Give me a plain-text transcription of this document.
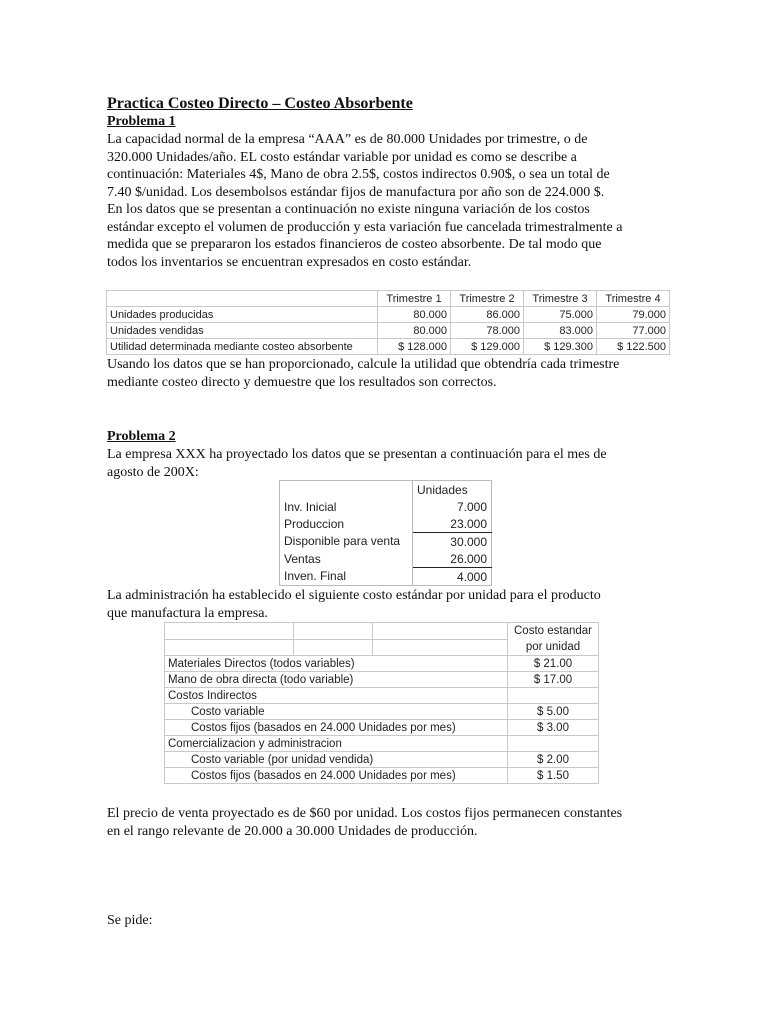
Practica Costeo Directo – Costeo Absorbente
Problema 1
La capacidad normal de la empresa “AAA” es de 80.000 Unidades por trimestre, o de
320.000 Unidades/año. EL costo estándar variable por unidad es como se describe a
continuación: Materiales 4$, Mano de obra 2.5$, costos indirectos 0.90$, o sea un total de
7.40 $/unidad. Los desembolsos estándar fijos de manufactura por año son de 224.000 $.
En los datos que se presentan a continuación no existe ninguna variación de los costos
estándar excepto el volumen de producción y esta variación fue cancelada trimestralmente a
medida que se prepararon los estados financieros de costeo absorbente. De tal modo que
todos los inventarios se encuentran expresados en costo estándar.
	Trimestre 1	Trimestre 2	Trimestre 3	Trimestre 4
Unidades producidas	80.000	86.000	75.000	79.000
Unidades vendidas	80.000	78.000	83.000	77.000
Utilidad determinada mediante costeo absorbente	$ 128.000	$ 129.000	$ 129.300	$ 122.500
Usando los datos que se han proporcionado, calcule la utilidad que obtendría cada trimestre
mediante costeo directo y demuestre que los resultados son correctos.
Problema 2
La empresa XXX ha proyectado los datos que se presentan a continuación para el mes de
agosto de 200X:
	Unidades
Inv. Inicial	7.000
Produccion	23.000
Disponible para venta	30.000
Ventas	26.000
Inven. Final	4.000
La administración ha establecido el siguiente costo estándar por unidad para el producto
que manufactura la empresa.
			Costo estandar
			por unidad
Materiales Directos (todos variables)			$ 21.00
Mano de obra directa (todo variable)			$ 17.00
Costos Indirectos			
Costo variable			$ 5.00
Costos fijos (basados en 24.000 Unidades por mes)			$ 3.00
Comercializacion y administracion			
Costo variable (por unidad vendida)			$ 2.00
Costos fijos (basados en 24.000 Unidades por mes)			$ 1.50
El precio de venta proyectado es de $60 por unidad. Los costos fijos permanecen constantes
en el rango relevante de 20.000 a 30.000 Unidades de producción.
Se pide:
